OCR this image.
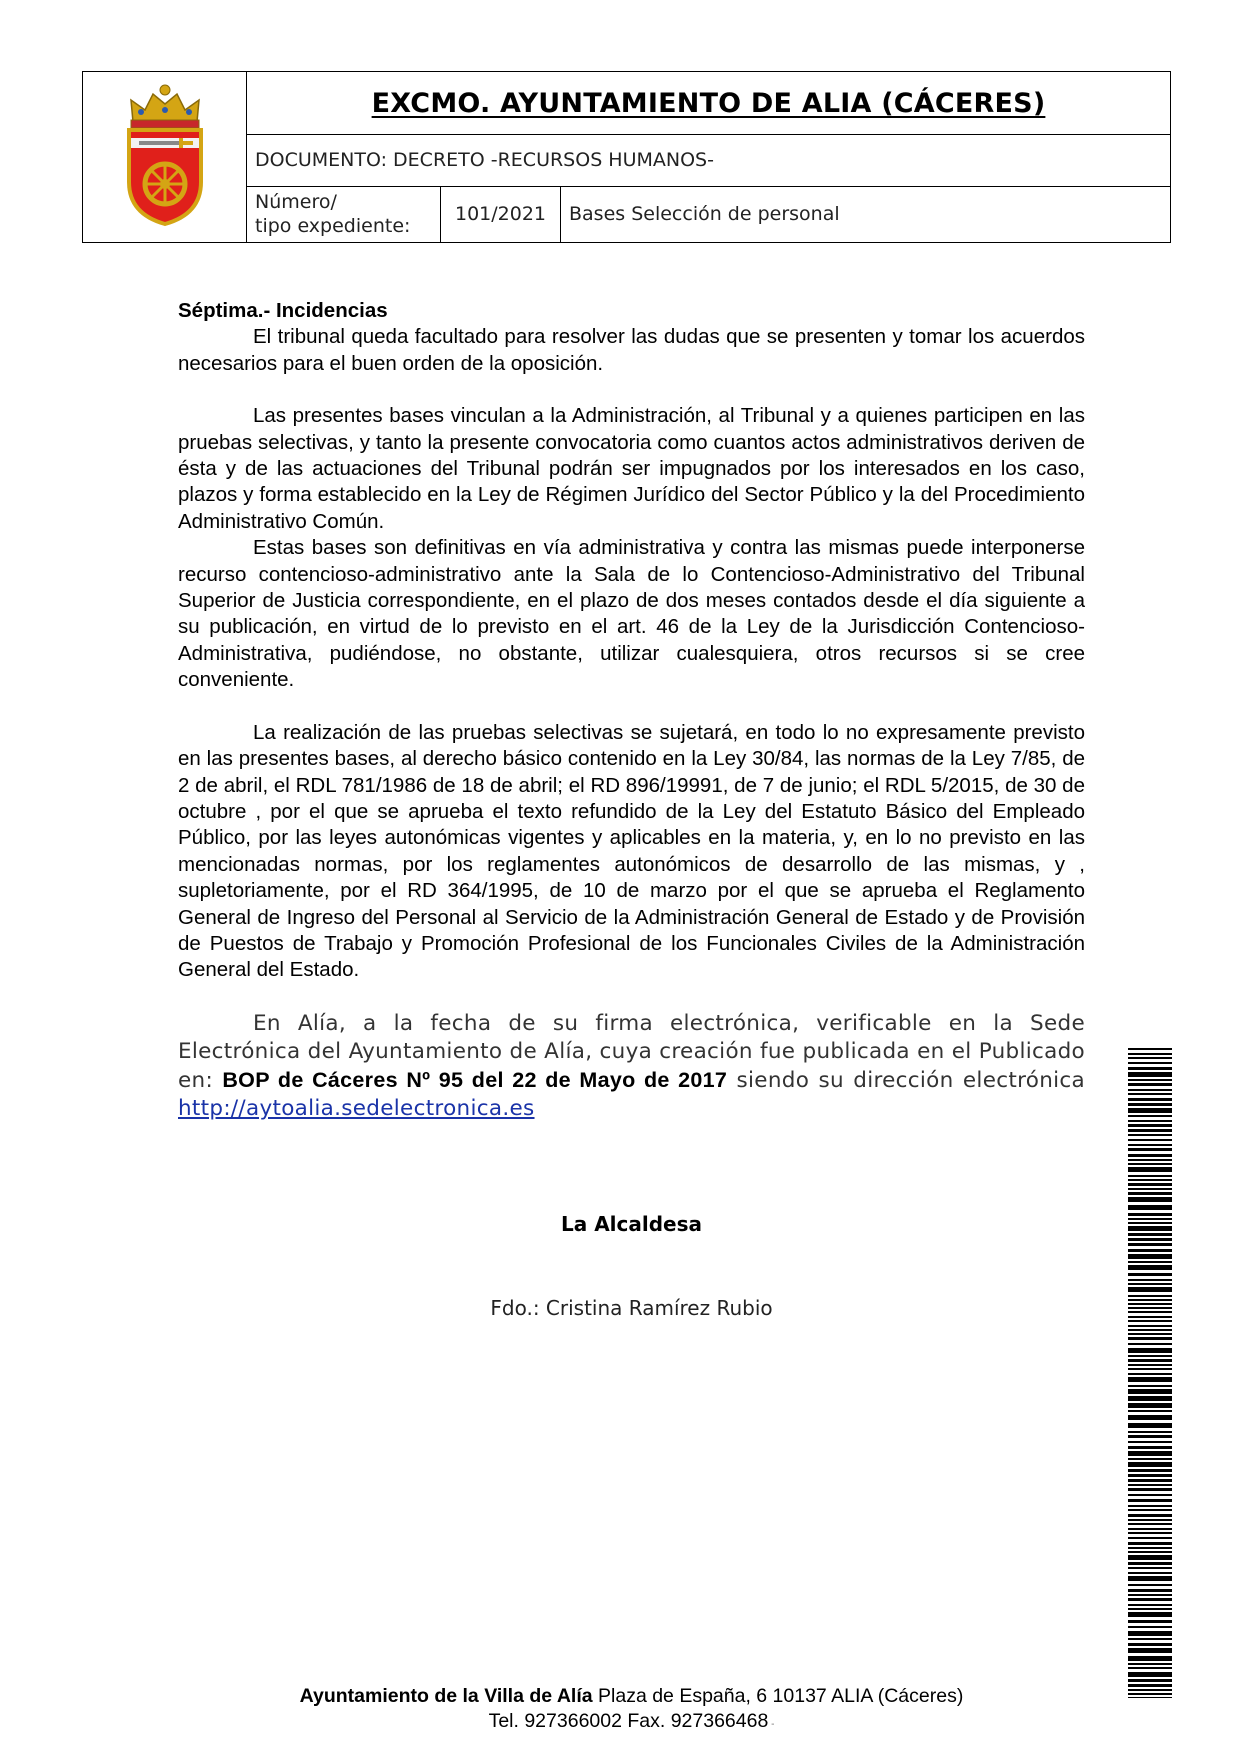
EXCMO. AYUNTAMIENTO DE ALIA (CÁCERES)
DOCUMENTO: DECRETO -RECURSOS HUMANOS-
Número/
tipo expediente:
101/2021	Bases Selección de personal
Séptima.- Incidencias

El tribunal queda facultado para resolver las dudas que se presenten y tomar los acuerdos necesarios para el buen orden de la oposición.

Las presentes bases vinculan a la Administración, al Tribunal y a quienes participen en las pruebas selectivas, y tanto la presente convocatoria como cuantos actos administrativos deriven de ésta y de las actuaciones del Tribunal podrán ser impugnados por los interesados en los caso, plazos y forma establecido en la Ley de Régimen Jurídico del Sector Público y la del Procedimiento Administrativo Común.

Estas bases son definitivas en vía administrativa y contra las mismas puede interponerse recurso contencioso-administrativo ante la Sala de lo Contencioso-Administrativo del Tribunal Superior de Justicia correspondiente, en el plazo de dos meses contados desde el día siguiente a su publicación, en virtud de lo previsto en el art. 46 de la Ley de la Jurisdicción Contencioso-Administrativa, pudiéndose, no obstante, utilizar cualesquiera, otros recursos si se cree conveniente.

La realización de las pruebas selectivas se sujetará, en todo lo no expresamente previsto en las presentes bases, al derecho básico contenido en la Ley 30/84, las normas de la Ley 7/85, de 2 de abril, el RDL 781/1986 de 18 de abril; el RD 896/19991, de 7 de junio; el RDL 5/2015, de 30 de octubre , por el que se aprueba el texto refundido de la Ley del Estatuto Básico del Empleado Público, por las leyes autonómicas vigentes y aplicables en la materia, y, en lo no previsto en las mencionadas normas, por los reglamentes autonómicos de desarrollo de las mismas, y , supletoriamente, por el RD 364/1995, de 10 de marzo por el que se aprueba el Reglamento General de Ingreso del Personal al Servicio de la Administración General de Estado y de Provisión de Puestos de Trabajo y Promoción Profesional de los Funcionales Civiles de la Administración General del Estado.

En Alía, a la fecha de su firma electrónica, verificable en la Sede Electrónica del Ayuntamiento de Alía, cuya creación fue publicada en el Publicado en: BOP de Cáceres Nº 95 del 22 de Mayo de 2017 siendo su dirección electrónica http://aytoalia.sedelectronica.es

La Alcaldesa
Fdo.: Cristina Ramírez Rubio
Ayuntamiento de la Villa de Alía Plaza de España, 6 10137 ALIA (Cáceres)
Tel. 927366002 Fax. 927366468 -
